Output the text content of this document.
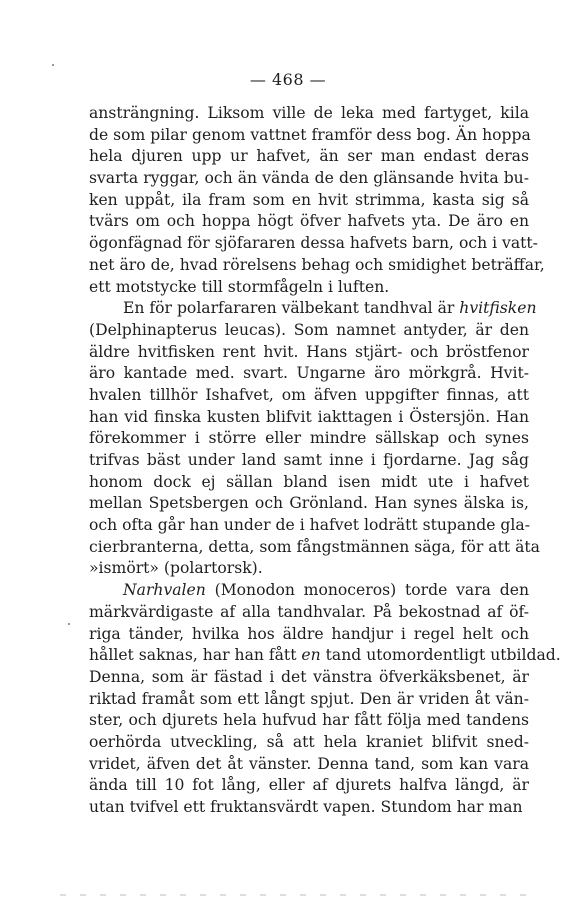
— 468 —
ansträngning. Liksom ville de leka med fartyget, kila
de som pilar genom vattnet framför dess bog. Än hoppa
hela djuren upp ur hafvet, än ser man endast deras
svarta ryggar, och än vända de den glänsande hvita bu-
ken uppåt, ila fram som en hvit strimma, kasta sig så
tvärs om och hoppa högt öfver hafvets yta. De äro en
ögonfägnad för sjöfararen dessa hafvets barn, och i vatt-
net äro de, hvad rörelsens behag och smidighet beträffar,
ett motstycke till stormfågeln i luften.
En för polarfararen välbekant tandhval är hvitfisken
(Delphinapterus leucas). Som namnet antyder, är den
äldre hvitfisken rent hvit. Hans stjärt- och bröstfenor
äro kantade med. svart. Ungarne äro mörkgrå. Hvit-
hvalen tillhör Ishafvet, om äfven uppgifter finnas, att
han vid finska kusten blifvit iakttagen i Östersjön. Han
förekommer i större eller mindre sällskap och synes
trifvas bäst under land samt inne i fjordarne. Jag såg
honom dock ej sällan bland isen midt ute i hafvet
mellan Spetsbergen och Grönland. Han synes älska is,
och ofta går han under de i hafvet lodrätt stupande gla-
cierbranterna, detta, som fångstmännen säga, för att äta
»ismört» (polartorsk).
Narhvalen (Monodon monoceros) torde vara den
märkvärdigaste af alla tandhvalar. På bekostnad af öf-
riga tänder, hvilka hos äldre handjur i regel helt och
hållet saknas, har han fått en tand utomordentligt utbildad.
Denna, som är fästad i det vänstra öfverkäksbenet, är
riktad framåt som ett långt spjut. Den är vriden åt vän-
ster, och djurets hela hufvud har fått följa med tandens
oerhörda utveckling, så att hela kraniet blifvit sned-
vridet, äfven det åt vänster. Denna tand, som kan vara
ända till 10 fot lång, eller af djurets halfva längd, är
utan tvifvel ett fruktansvärdt vapen. Stundom har man
